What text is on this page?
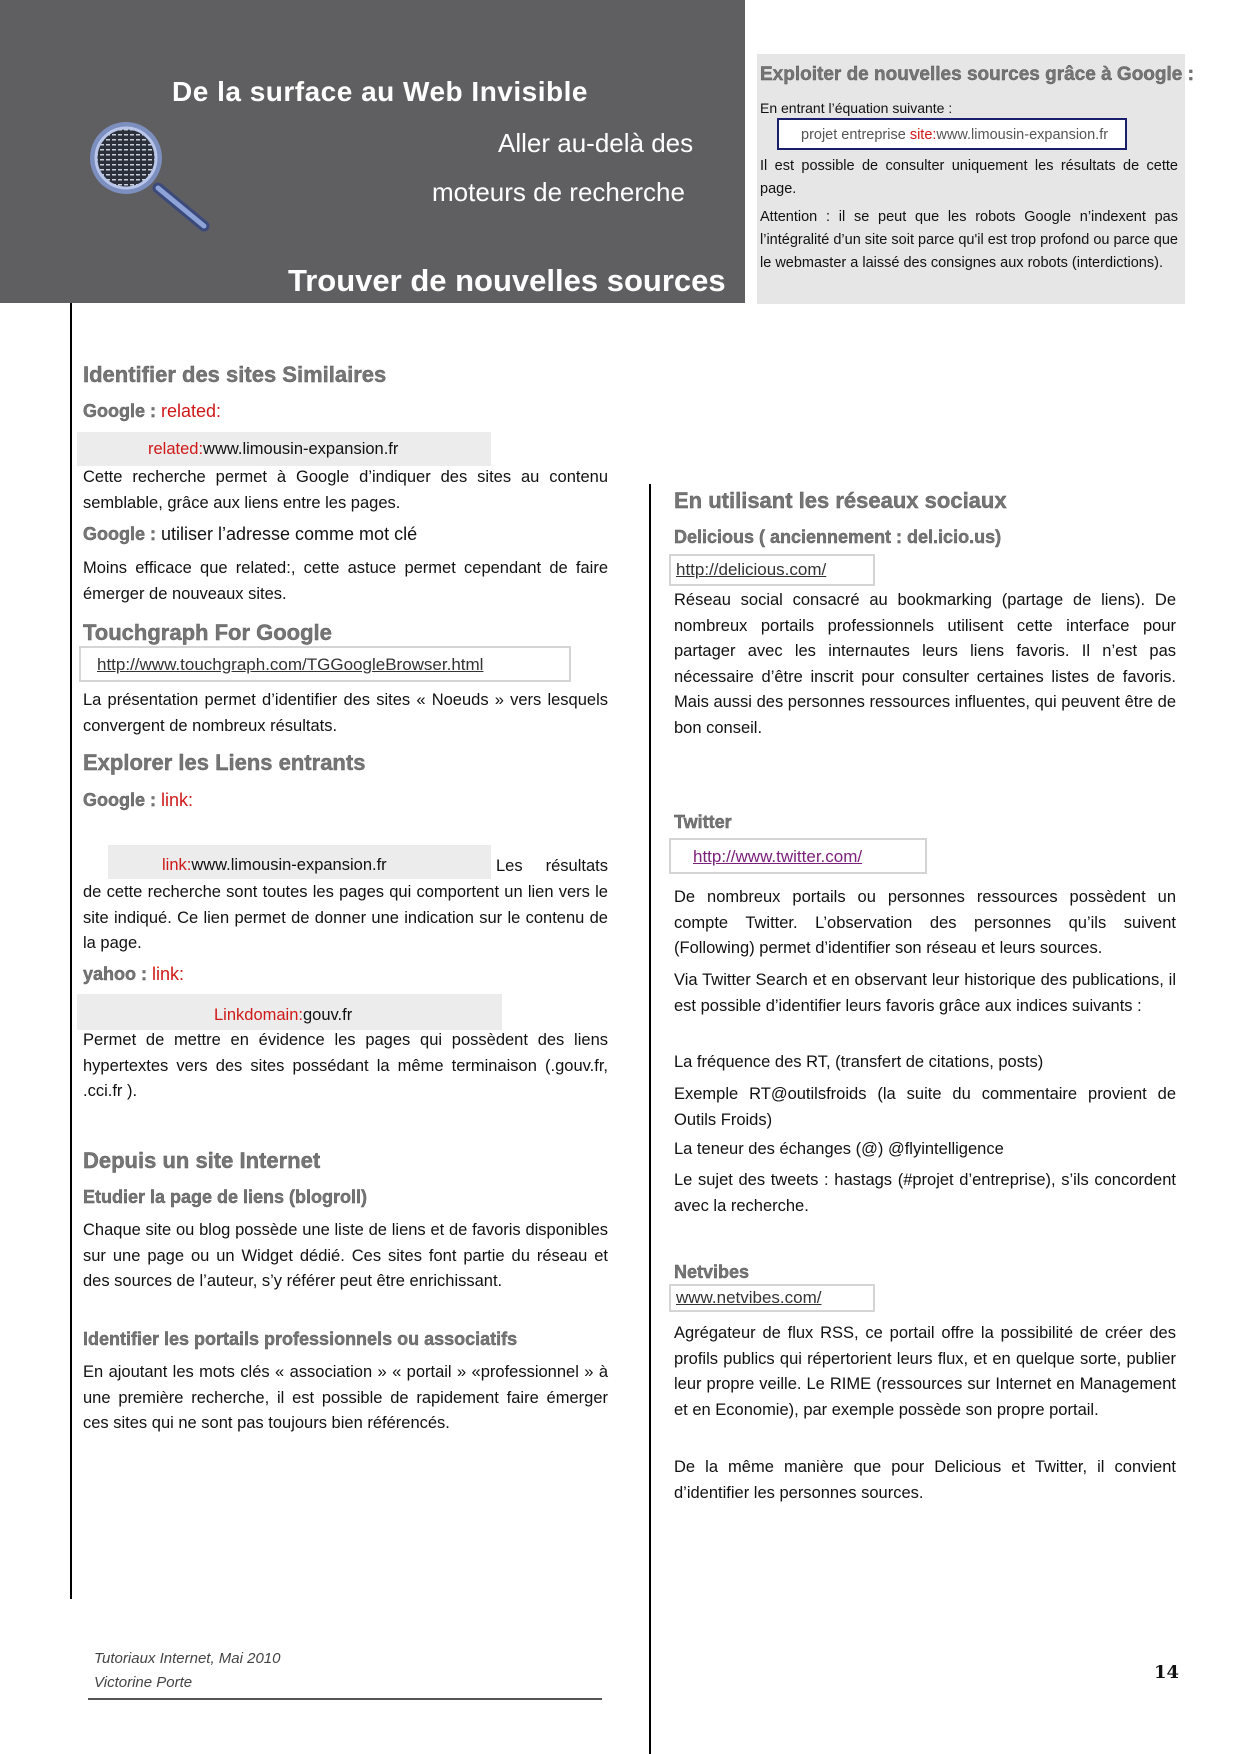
De la surface au Web Invisible
Aller au-delà des
moteurs de recherche
Trouver de nouvelles sources
Exploiter de nouvelles sources grâce à Google :
En entrant l’équation suivante :
projet entreprise site:www.limousin-expansion.fr
Il est possible de consulter uniquement les résultats de cette page.
Attention : il se peut que les robots Google n’indexent pas l’intégralité d’un site soit parce qu'il est trop profond ou parce que le webmaster a laissé des consignes aux robots (interdictions).
Identifier des sites Similaires
Google : related:
related:www.limousin-expansion.fr
Cette recherche permet à Google d’indiquer des sites au contenu semblable, grâce aux liens entre les pages.
Google : utiliser l’adresse comme mot clé
Moins efficace que related:, cette astuce permet cependant de faire émerger de nouveaux sites.
Touchgraph For Google
http://www.touchgraph.com/TGGoogleBrowser.html
La présentation permet d’identifier des sites « Noeuds » vers lesquels convergent de nombreux résultats.
Explorer les Liens entrants
Google : link:
link:www.limousin-expansion.fr	Les résultats
de cette recherche sont toutes les pages qui comportent un lien vers le site indiqué. Ce lien permet de donner une indication sur le contenu de la page.
yahoo : link:
Linkdomain:gouv.fr
Permet de mettre en évidence les pages qui possèdent des liens hypertextes vers des sites possédant la même terminaison (.gouv.fr, .cci.fr ).
Depuis un site Internet
Etudier la page de liens (blogroll)
Chaque site ou blog possède une liste de liens et de favoris disponibles sur une page ou un Widget dédié. Ces sites font partie du réseau et des sources de l’auteur, s’y référer peut être enrichissant.
Identifier les portails professionnels ou associatifs
En ajoutant les mots clés « association » « portail » «professionnel » à une première recherche, il est possible de rapidement faire émerger ces sites qui ne sont pas toujours bien référencés.
En utilisant les réseaux sociaux
Delicious ( anciennement : del.icio.us)
http://delicious.com/
Réseau social consacré au bookmarking (partage de liens). De nombreux portails professionnels utilisent cette interface pour partager avec les internautes leurs liens favoris. Il n’est pas nécessaire d’être inscrit pour consulter certaines listes de favoris. Mais aussi des personnes ressources influentes, qui peuvent être de bon conseil.
Twitter
http://www.twitter.com/
De nombreux portails ou personnes ressources possèdent un compte Twitter. L’observation des personnes qu’ils suivent (Following) permet d’identifier son réseau et leurs sources.
Via Twitter Search et en observant leur historique des publications, il est possible d’identifier leurs favoris grâce aux indices suivants :
La fréquence des RT, (transfert de citations, posts)
Exemple RT@outilsfroids (la suite du commentaire provient de Outils Froids)
La teneur des échanges (@) @flyintelligence
Le sujet des tweets : hastags (#projet d’entreprise), s’ils concordent avec la recherche.
Netvibes
www.netvibes.com/
Agrégateur de flux RSS, ce portail offre la possibilité de créer des profils publics qui répertorient leurs flux, et en quelque sorte, publier leur propre veille. Le RIME (ressources sur Internet en Management et en Economie), par exemple possède son propre portail.
De la même manière que pour Delicious et Twitter, il convient d’identifier les personnes sources.
Tutoriaux Internet, Mai 2010
Victorine Porte	14
